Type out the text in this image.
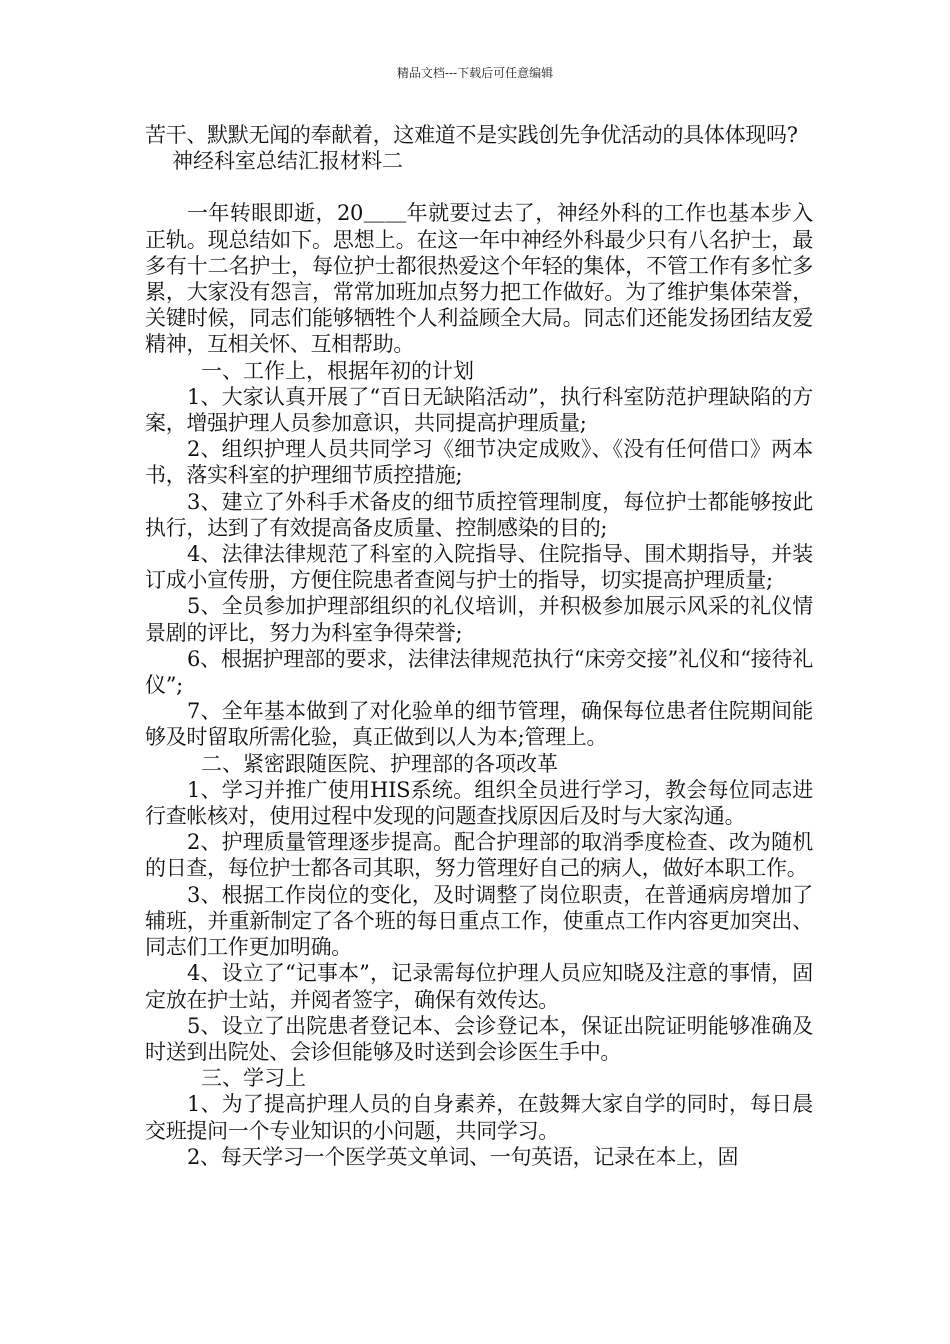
精品文档---下载后可任意编辑

苦干、默默无闻的奉献着，这难道不是实践创先争优活动的具体体现吗?

神经科室总结汇报材料二

一年转眼即逝，20＿＿年就要过去了，神经外科的工作也基本步入正轨。现总结如下。思想上。在这一年中神经外科最少只有八名护士，最多有十二名护士，每位护士都很热爱这个年轻的集体，不管工作有多忙多累，大家没有怨言，常常加班加点努力把工作做好。为了维护集体荣誉，关键时候，同志们能够牺牲个人利益顾全大局。同志们还能发扬团结友爱精神，互相关怀、互相帮助。

一、工作上，根据年初的计划

1、大家认真开展了“百日无缺陷活动”，执行科室防范护理缺陷的方案，增强护理人员参加意识，共同提高护理质量;

2、组织护理人员共同学习《细节决定成败》、《没有任何借口》两本书，落实科室的护理细节质控措施;

3、建立了外科手术备皮的细节质控管理制度，每位护士都能够按此执行，达到了有效提高备皮质量、控制感染的目的;

4、法律法律规范了科室的入院指导、住院指导、围术期指导，并装订成小宣传册，方便住院患者查阅与护士的指导，切实提高护理质量;

5、全员参加护理部组织的礼仪培训，并积极参加展示风采的礼仪情景剧的评比，努力为科室争得荣誉;

6、根据护理部的要求，法律法律规范执行“床旁交接”礼仪和“接待礼仪”;

7、全年基本做到了对化验单的细节管理，确保每位患者住院期间能够及时留取所需化验，真正做到以人为本;管理上。

二、紧密跟随医院、护理部的各项改革

1、学习并推广使用HIS系统。组织全员进行学习，教会每位同志进行查帐核对，使用过程中发现的问题查找原因后及时与大家沟通。

2、护理质量管理逐步提高。配合护理部的取消季度检查、改为随机的日查，每位护士都各司其职，努力管理好自己的病人，做好本职工作。

3、根据工作岗位的变化，及时调整了岗位职责，在普通病房增加了辅班，并重新制定了各个班的每日重点工作，使重点工作内容更加突出、同志们工作更加明确。

4、设立了“记事本”，记录需每位护理人员应知晓及注意的事情，固定放在护士站，并阅者签字，确保有效传达。

5、设立了出院患者登记本、会诊登记本，保证出院证明能够准确及时送到出院处、会诊但能够及时送到会诊医生手中。

三、学习上

1、为了提高护理人员的自身素养，在鼓舞大家自学的同时，每日晨交班提问一个专业知识的小问题，共同学习。

2、每天学习一个医学英文单词、一句英语，记录在本上，固
